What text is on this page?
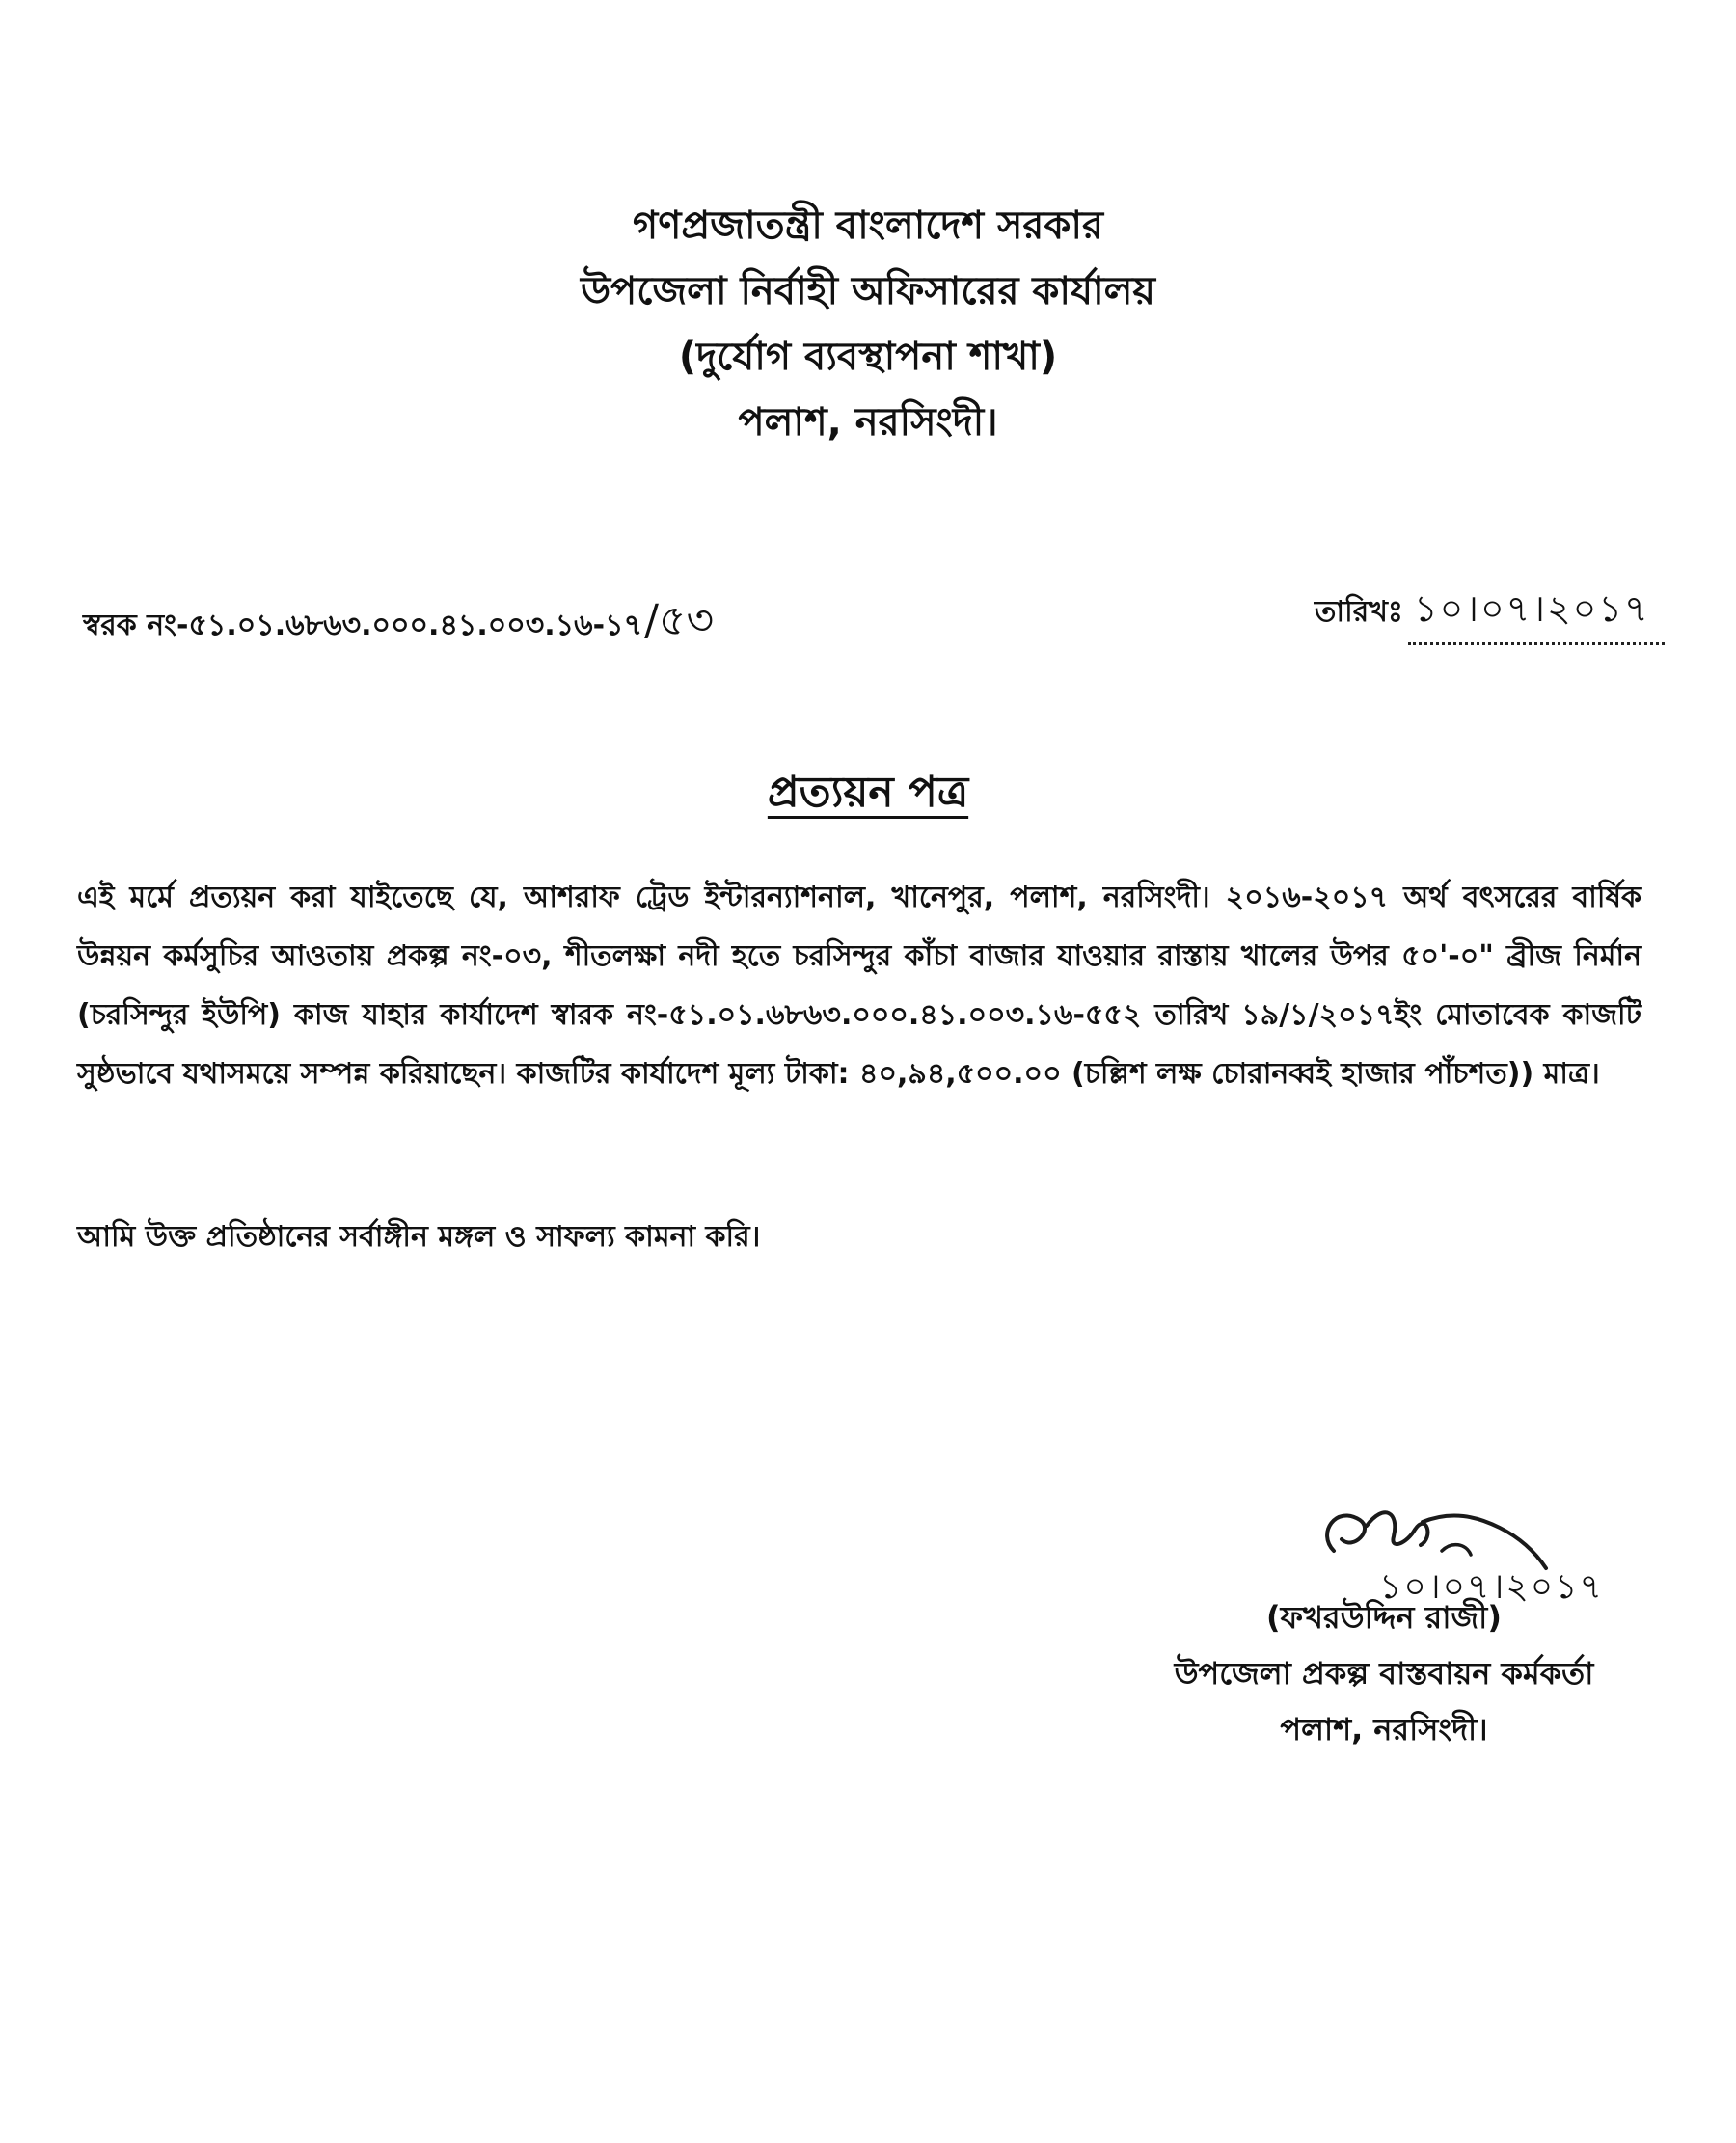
গণপ্রজাতন্ত্রী বাংলাদেশ সরকার
উপজেলা নির্বাহী অফিসারের কার্যালয়
(দুর্যোগ ব্যবস্থাপনা শাখা)
পলাশ, নরসিংদী।
স্বরক নং-৫১.০১.৬৮৬৩.০০০.৪১.০০৩.১৬-১৭/৫৩	তারিখঃ ১০।০৭।২০১৭
প্রত্যয়ন পত্র
এই মর্মে প্রত্যয়ন করা যাইতেছে যে, আশরাফ ট্রেড ইন্টারন্যাশনাল, খানেপুর, পলাশ, নরসিংদী। ২০১৬-২০১৭ অর্থ বৎসরের বার্ষিক উন্নয়ন কর্মসুচির আওতায় প্রকল্প নং-০৩, শীতলক্ষা নদী হতে চরসিন্দুর কাঁচা বাজার যাওয়ার রাস্তায় খালের উপর ৫০'-০" ব্রীজ নির্মান (চরসিন্দুর ইউপি) কাজ যাহার কার্যাদেশ স্বারক নং-৫১.০১.৬৮৬৩.০০০.৪১.০০৩.১৬-৫৫২ তারিখ ১৯/১/২০১৭ইং মোতাবেক কাজটি সুষ্ঠভাবে যথাসময়ে সম্পন্ন করিয়াছেন। কাজটির কার্যাদেশ মূল্য টাকা: ৪০,৯৪,৫০০.০০ (চল্লিশ লক্ষ চোরানব্বই হাজার পাঁচশত)) মাত্র।
আমি উক্ত প্রতিষ্ঠানের সর্বাঙ্গীন মঙ্গল ও সাফল্য কামনা করি।
১০।০৭।২০১৭
(ফখরউদ্দিন রাজী)
উপজেলা প্রকল্প বাস্তবায়ন কর্মকর্তা
পলাশ, নরসিংদী।
